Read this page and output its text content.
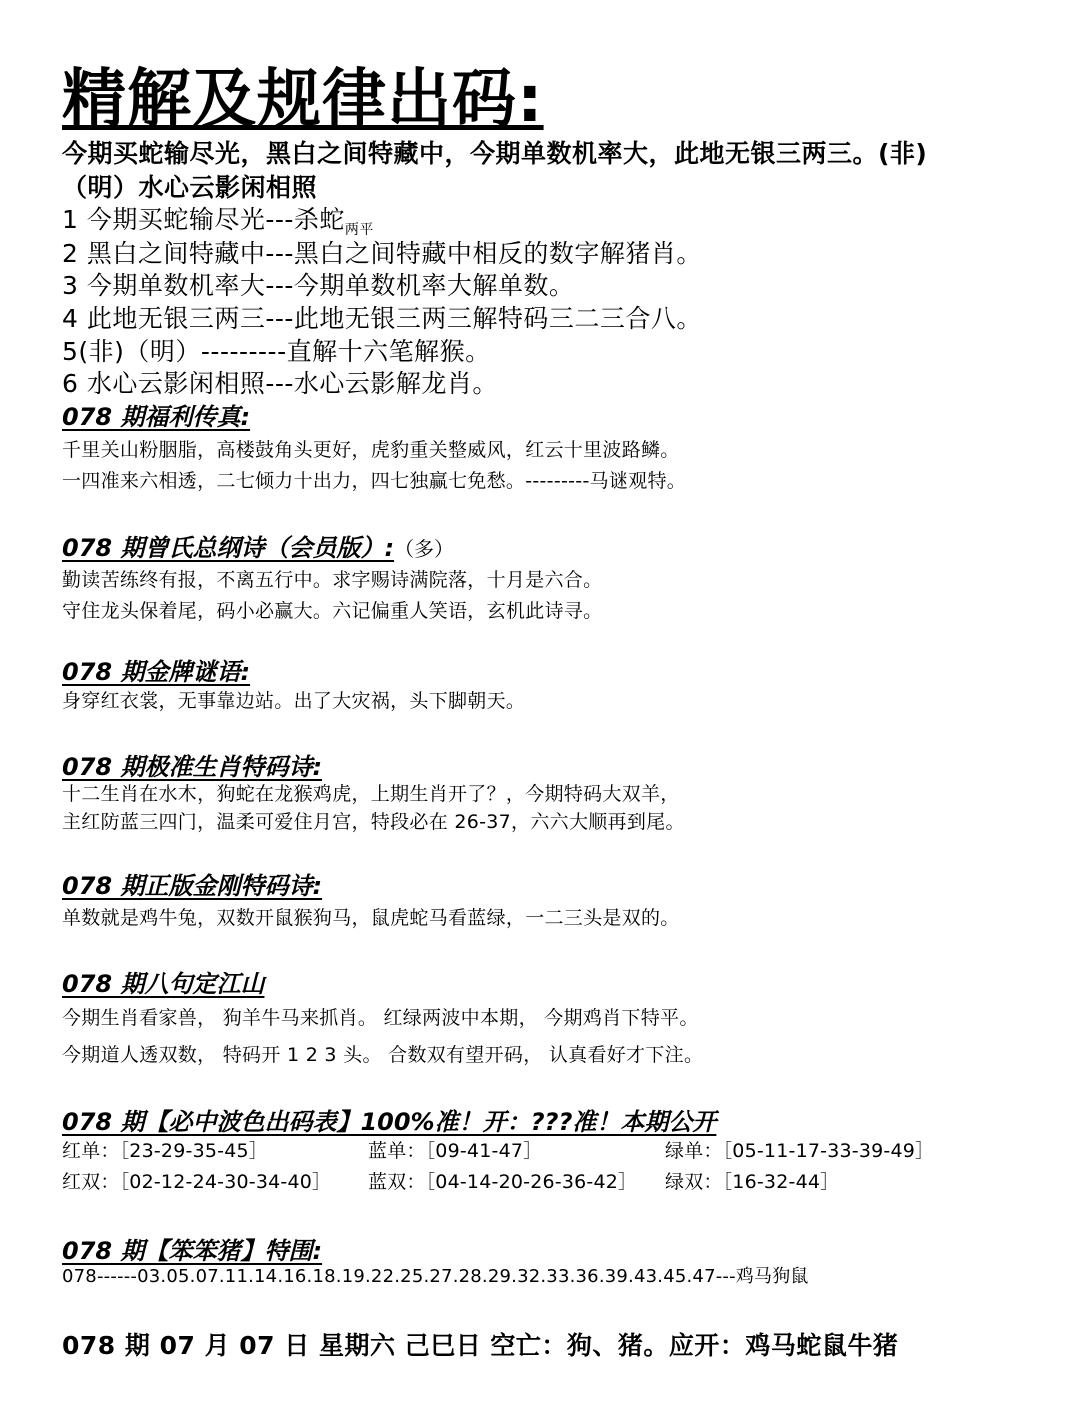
精解及规律出码:
今期买蛇输尽光，黑白之间特藏中，今期单数机率大，此地无银三两三。(非)
（明）水心云影闲相照
1 今期买蛇输尽光---杀蛇$_{两平}$
2 黑白之间特藏中---黑白之间特藏中相反的数字解猪肖。
3 今期单数机率大---今期单数机率大解单数。
4 此地无银三两三---此地无银三两三解特码三二三合八。
5(非)（明）---------直解十六笔解猴。
6 水心云影闲相照---水心云影解龙肖。
078 期福利传真:
千里关山粉胭脂，高楼鼓角头更好，虎豹重关整威风，红云十里波路鳞。
一四准来六相透，二七倾力十出力，四七独赢七免愁。---------马谜观特。
078 期曾氏总纲诗（会员版）:（多）
勤读苦练终有报，不离五行中。求字赐诗满院落，十月是六合。
守住龙头保着尾，码小必赢大。六记偏重人笑语，玄机此诗寻。
078 期金牌谜语:
身穿红衣裳，无事靠边站。出了大灾祸，头下脚朝天。
078 期极准生肖特码诗:
十二生肖在水木，狗蛇在龙猴鸡虎，上期生肖开了？，今期特码大双羊，
主红防蓝三四门，温柔可爱住月宫，特段必在 26-37，六六大顺再到尾。
078 期正版金刚特码诗:
单数就是鸡牛兔，双数开鼠猴狗马，鼠虎蛇马看蓝绿，一二三头是双的。
078 期八句定江山
今期生肖看家兽， 狗羊牛马来抓肖。 红绿两波中本期， 今期鸡肖下特平。
今期道人透双数， 特码开 1 2 3 头。 合数双有望开码， 认真看好才下注。
078 期【必中波色出码表】100%准！开：???准！本期公开
红单：［23-29-35-45］	蓝单：［09-41-47］	绿单：［05-11-17-33-39-49］
红双：［02-12-24-30-34-40］ 蓝双：［04-14-20-26-36-42］ 绿双：［16-32-44］
078 期【笨笨猪】特围:
078------03.05.07.11.14.16.18.19.22.25.27.28.29.32.33.36.39.43.45.47---鸡马狗鼠
078 期 07 月 07 日 星期六 己巳日 空亡：狗、猪。应开：鸡马蛇鼠牛猪
